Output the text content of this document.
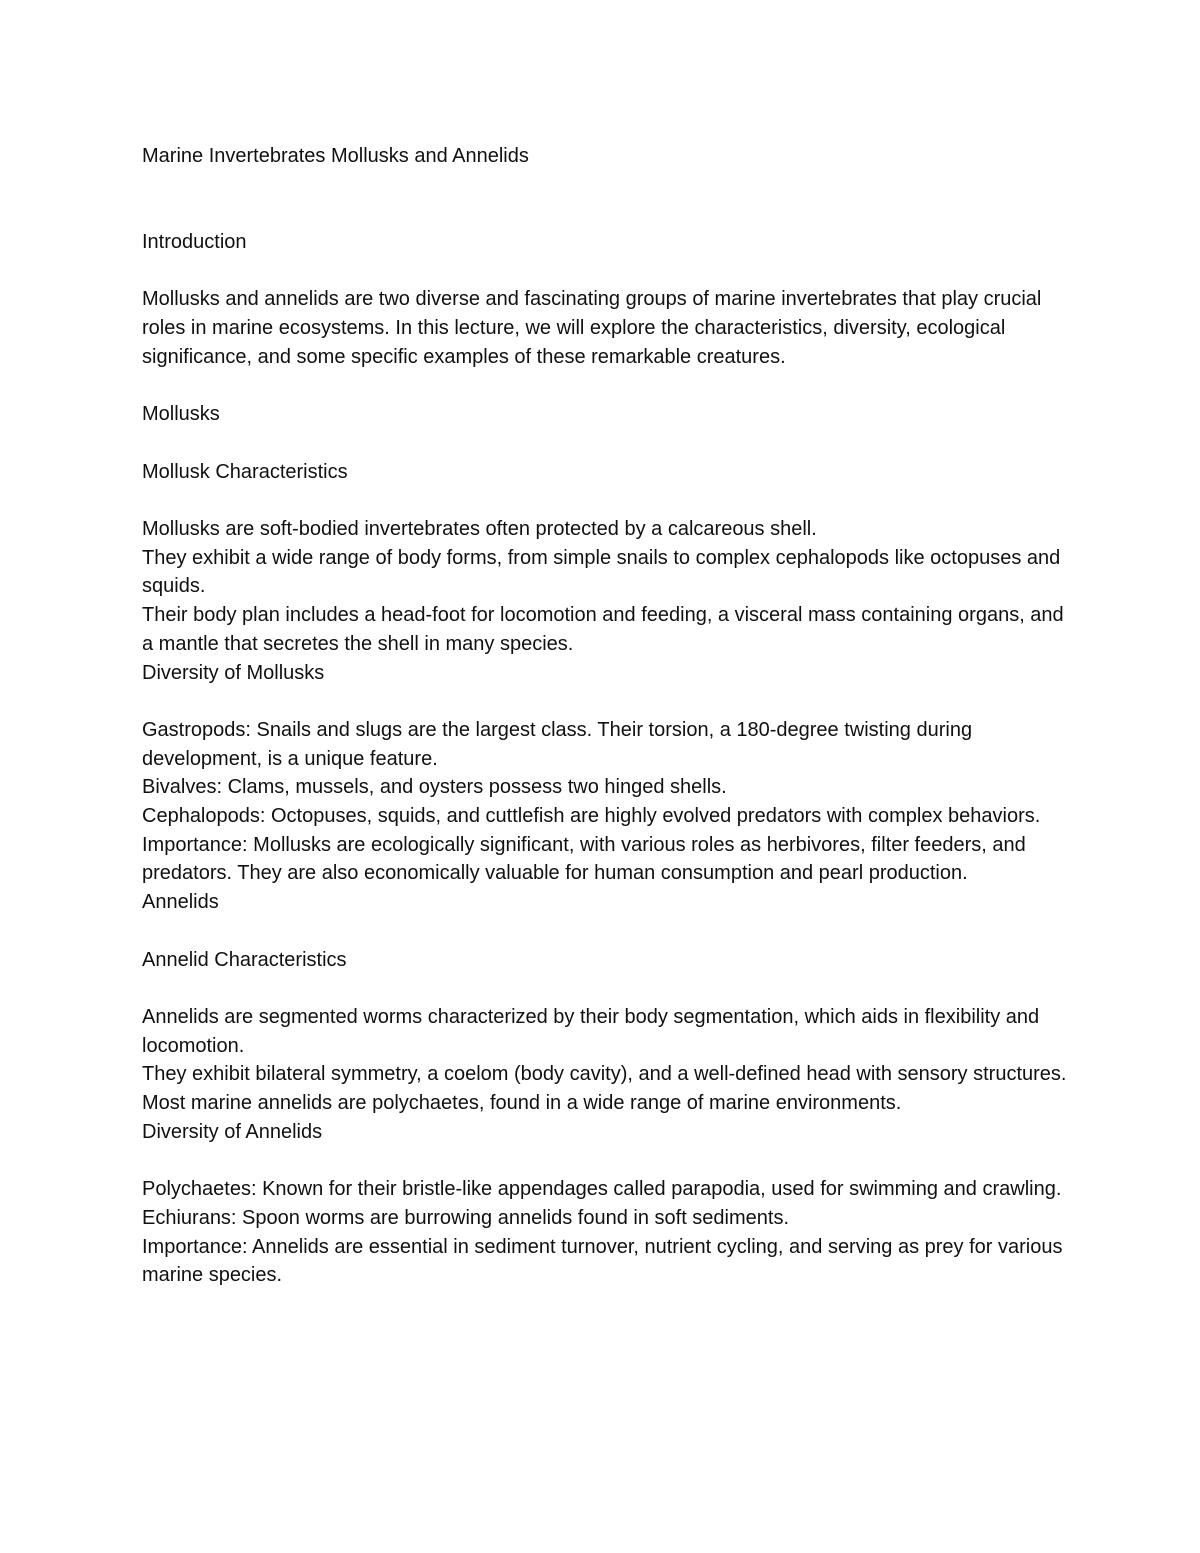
Marine Invertebrates Mollusks and Annelids

Introduction

Mollusks and annelids are two diverse and fascinating groups of marine invertebrates that play crucial roles in marine ecosystems. In this lecture, we will explore the characteristics, diversity, ecological significance, and some specific examples of these remarkable creatures.

Mollusks

Mollusk Characteristics

Mollusks are soft-bodied invertebrates often protected by a calcareous shell.

They exhibit a wide range of body forms, from simple snails to complex cephalopods like octopuses and squids.

Their body plan includes a head-foot for locomotion and feeding, a visceral mass containing organs, and a mantle that secretes the shell in many species.

Diversity of Mollusks

Gastropods: Snails and slugs are the largest class. Their torsion, a 180-degree twisting during development, is a unique feature.

Bivalves: Clams, mussels, and oysters possess two hinged shells.

Cephalopods: Octopuses, squids, and cuttlefish are highly evolved predators with complex behaviors.

Importance: Mollusks are ecologically significant, with various roles as herbivores, filter feeders, and predators. They are also economically valuable for human consumption and pearl production.

Annelids

Annelid Characteristics

Annelids are segmented worms characterized by their body segmentation, which aids in flexibility and locomotion.

They exhibit bilateral symmetry, a coelom (body cavity), and a well-defined head with sensory structures.

Most marine annelids are polychaetes, found in a wide range of marine environments.

Diversity of Annelids

Polychaetes: Known for their bristle-like appendages called parapodia, used for swimming and crawling.

Echiurans: Spoon worms are burrowing annelids found in soft sediments.

Importance: Annelids are essential in sediment turnover, nutrient cycling, and serving as prey for various marine species.
